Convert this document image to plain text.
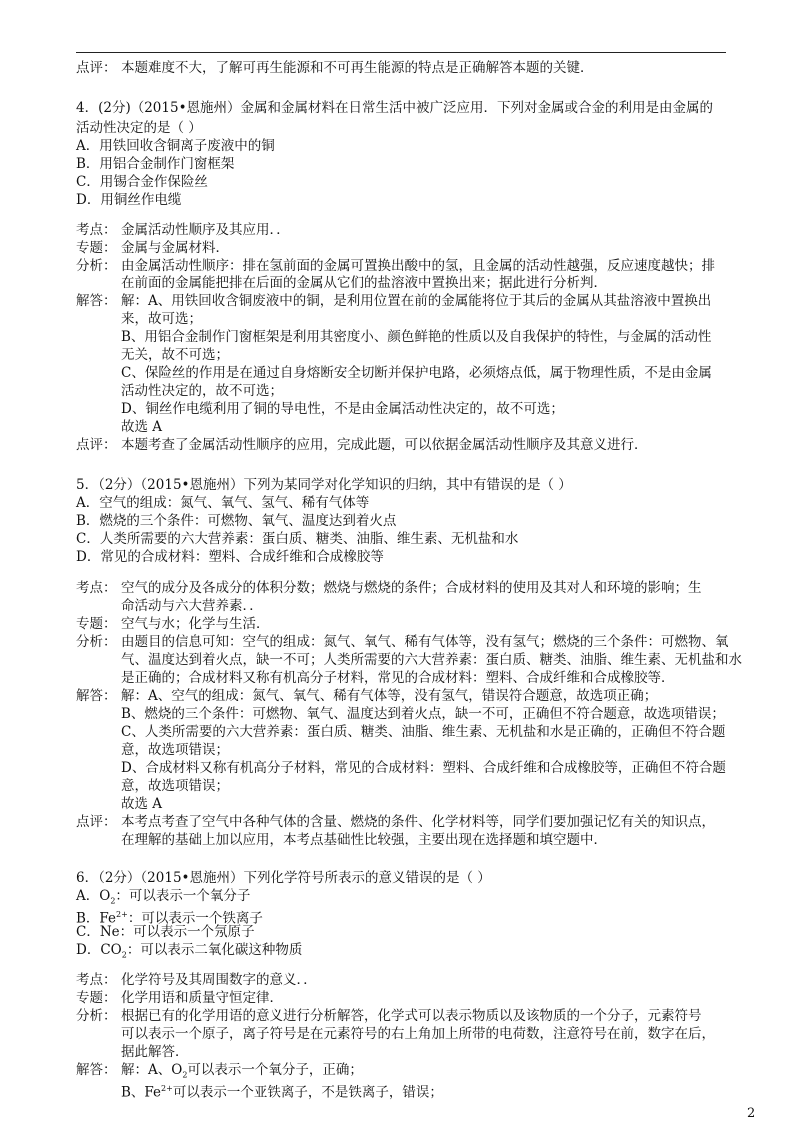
点评： 本题难度不大，了解可再生能源和不可再生能源的特点是正确解答本题的关键．
4．(2分)（2015•恩施州）金属和金属材料在日常生活中被广泛应用．下列对金属或合金的利用是由金属的
活动性决定的是（ ）
A．用铁回收含铜离子废液中的铜
B．用铝合金制作门窗框架
C．用锡合金作保险丝
D．用铜丝作电缆
考点： 金属活动性顺序及其应用．．
专题： 金属与金属材料．
分析： 由金属活动性顺序：排在氢前面的金属可置换出酸中的氢，且金属的活动性越强，反应速度越快；排
在前面的金属能把排在后面的金属从它们的盐溶液中置换出来；据此进行分析判．
解答： 解：A、用铁回收含铜废液中的铜，是利用位置在前的金属能将位于其后的金属从其盐溶液中置换出
来，故可选；
B、用铝合金制作门窗框架是利用其密度小、颜色鲜艳的性质以及自我保护的特性，与金属的活动性
无关，故不可选；
C、保险丝的作用是在通过自身熔断安全切断并保护电路，必须熔点低，属于物理性质，不是由金属
活动性决定的，故不可选；
D、铜丝作电缆利用了铜的导电性，不是由金属活动性决定的，故不可选；
故选 A
点评： 本题考查了金属活动性顺序的应用，完成此题，可以依据金属活动性顺序及其意义进行．
5．（2分）（2015•恩施州）下列为某同学对化学知识的归纳，其中有错误的是（ ）
A．空气的组成：氮气、氧气、氢气、稀有气体等
B．燃烧的三个条件：可燃物、氧气、温度达到着火点
C．人类所需要的六大营养素：蛋白质、糖类、油脂、维生素、无机盐和水
D．常见的合成材料：塑料、合成纤维和合成橡胶等
考点： 空气的成分及各成分的体积分数；燃烧与燃烧的条件；合成材料的使用及其对人和环境的影响；生
命活动与六大营养素．．
专题： 空气与水；化学与生活．
分析： 由题目的信息可知：空气的组成：氮气、氧气、稀有气体等，没有氢气；燃烧的三个条件：可燃物、氧
气、温度达到着火点，缺一不可；人类所需要的六大营养素：蛋白质、糖类、油脂、维生素、无机盐和水
是正确的；合成材料又称有机高分子材料，常见的合成材料：塑料、合成纤维和合成橡胶等．
解答： 解：A、空气的组成：氮气、氧气、稀有气体等，没有氢气，错误符合题意，故选项正确；
B、燃烧的三个条件：可燃物、氧气、温度达到着火点，缺一不可，正确但不符合题意，故选项错误；
C、人类所需要的六大营养素：蛋白质、糖类、油脂、维生素、无机盐和水是正确的，正确但不符合题
意，故选项错误；
D、合成材料又称有机高分子材料，常见的合成材料：塑料、合成纤维和合成橡胶等，正确但不符合题
意，故选项错误；
故选 A
点评： 本考点考查了空气中各种气体的含量、燃烧的条件、化学材料等，同学们要加强记忆有关的知识点，
在理解的基础上加以应用，本考点基础性比较强，主要出现在选择题和填空题中．
6．（2分）（2015•恩施州）下列化学符号所表示的意义错误的是（ ）
A．$O_2$：可以表示一个氧分子
B．$Fe^{2+}$：可以表示一个铁离子
C．Ne：可以表示一个氖原子
D．$CO_2$：可以表示二氧化碳这种物质
考点： 化学符号及其周围数字的意义．．
专题： 化学用语和质量守恒定律．
分析： 根据已有的化学用语的意义进行分析解答，化学式可以表示物质以及该物质的一个分子，元素符号
可以表示一个原子，离子符号是在元素符号的右上角加上所带的电荷数，注意符号在前，数字在后，
据此解答．
解答： 解：A、$O_2$可以表示一个氧分子，正确；
B、$Fe^{2+}$可以表示一个亚铁离子，不是铁离子，错误；
2
